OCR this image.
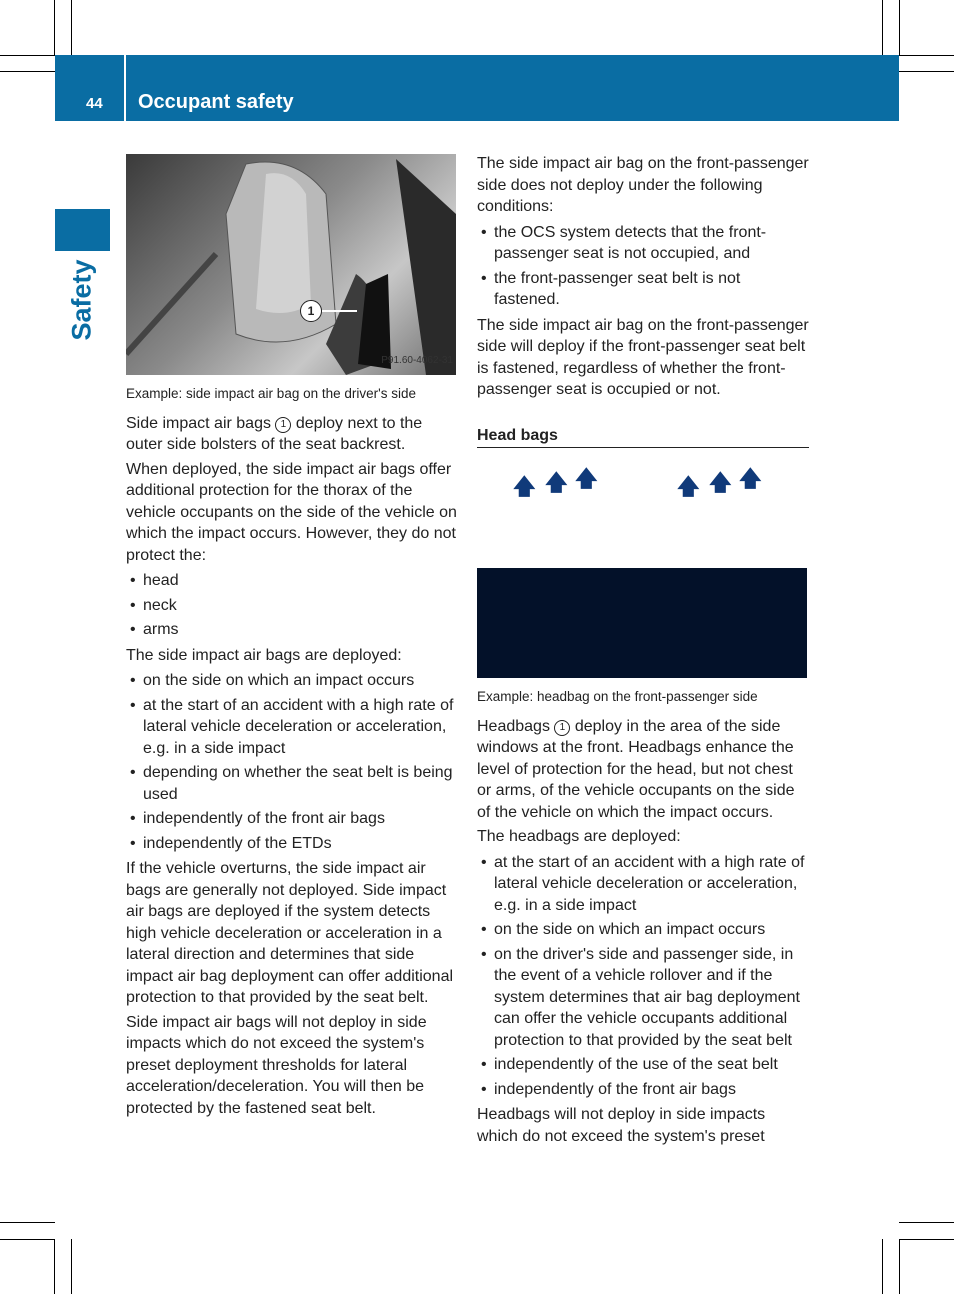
44 Occupant safety
Safety	1
P91.60-4062-31

Example: side impact air bag on the driver's side

Side impact air bags 1 deploy next to the outer side bolsters of the seat backrest.

When deployed, the side impact air bags offer additional protection for the thorax of the vehicle occupants on the side of the vehicle on which the impact occurs. However, they do not protect the:

• head
• neck
• arms

The side impact air bags are deployed:

• on the side on which an impact occurs
• at the start of an accident with a high rate of lateral vehicle deceleration or acceleration, e.g. in a side impact
• depending on whether the seat belt is being used
• independently of the front air bags
• independently of the ETDs

If the vehicle overturns, the side impact air bags are generally not deployed. Side impact air bags are deployed if the system detects high vehicle deceleration or acceleration in a lateral direction and determines that side impact air bag deployment can offer additional protection to that provided by the seat belt.

Side impact air bags will not deploy in side impacts which do not exceed the system's preset deployment thresholds for lateral acceleration/deceleration. You will then be protected by the fastened seat belt.

The side impact air bag on the front-passenger side does not deploy under the following conditions:

• the OCS system detects that the front-passenger seat is not occupied, and
• the front-passenger seat belt is not fastened.

The side impact air bag on the front-passenger side will deploy if the front-passenger seat belt is fastened, regardless of whether the front-passenger seat is occupied or not.

Head bags

🡅 🡅 🡅	🡅 🡅 🡅

Example: headbag on the front-passenger side

Headbags 1 deploy in the area of the side windows at the front. Headbags enhance the level of protection for the head, but not chest or arms, of the vehicle occupants on the side of the vehicle on which the impact occurs.

The headbags are deployed:

• at the start of an accident with a high rate of lateral vehicle deceleration or acceleration, e.g. in a side impact
• on the side on which an impact occurs
• on the driver's side and passenger side, in the event of a vehicle rollover and if the system determines that air bag deployment can offer the vehicle occupants additional protection to that provided by the seat belt
• independently of the use of the seat belt
• independently of the front air bags

Headbags will not deploy in side impacts which do not exceed the system's preset
